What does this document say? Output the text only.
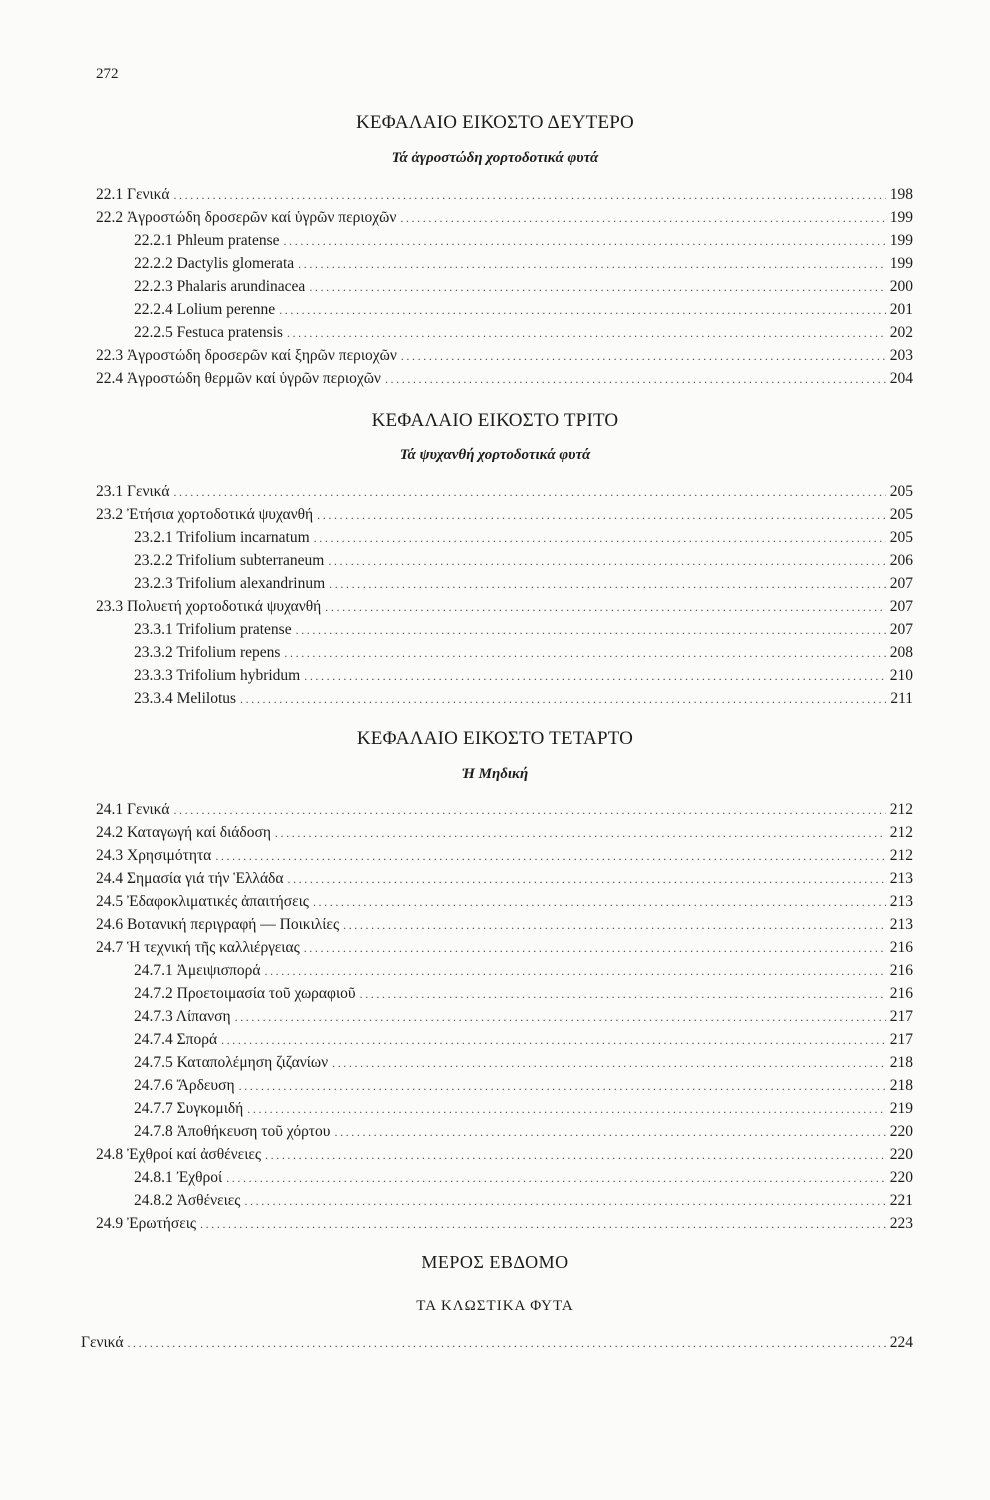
272
ΚΕΦΑΛΑΙΟ ΕΙΚΟΣΤΟ ΔΕΥΤΕΡΟ
Τά ἀγροστώδη χορτοδοτικά φυτά
22.1 Γενικά .....	198
22.2 Ἀγροστώδη δροσερῶν καί ὑγρῶν περιοχῶν .....	199
22.2.1 Phleum pratense .....	199
22.2.2 Dactylis glomerata .....	199
22.2.3 Phalaris arundinacea .....	200
22.2.4 Lolium perenne .....	201
22.2.5 Festuca pratensis .....	202
22.3 Ἀγροστώδη δροσερῶν καί ξηρῶν περιοχῶν .....	203
22.4 Ἀγροστώδη θερμῶν καί ὑγρῶν περιοχῶν .....	204
ΚΕΦΑΛΑΙΟ ΕΙΚΟΣΤΟ ΤΡΙΤΟ
Τά ψυχανθή χορτοδοτικά φυτά
23.1 Γενικά .....	205
23.2 Ἐτήσια χορτοδοτικά ψυχανθή .....	205
23.2.1 Trifolium incarnatum .....	205
23.2.2 Trifolium subterraneum .....	206
23.2.3 Trifolium alexandrinum .....	207
23.3 Πολυετή χορτοδοτικά ψυχανθή .....	207
23.3.1 Trifolium pratense .....	207
23.3.2 Trifolium repens .....	208
23.3.3 Trifolium hybridum .....	210
23.3.4 Melilotus .....	211
ΚΕΦΑΛΑΙΟ ΕΙΚΟΣΤΟ ΤΕΤΑΡΤΟ
Ἡ Μηδική
24.1 Γενικά .....	212
24.2 Καταγωγή καί διάδοση .....	212
24.3 Χρησιμότητα .....	212
24.4 Σημασία γιά τήν Ἑλλάδα .....	213
24.5 Ἐδαφοκλιματικές ἀπαιτήσεις .....	213
24.6 Βοτανική περιγραφή — Ποικιλίες .....	213
24.7 Ἡ τεχνική τῆς καλλιέργειας .....	216
24.7.1 Ἀμειψισπορά .....	216
24.7.2 Προετοιμασία τοῦ χωραφιοῦ .....	216
24.7.3 Λίπανση .....	217
24.7.4 Σπορά .....	217
24.7.5 Καταπολέμηση ζιζανίων .....	218
24.7.6 Ἄρδευση .....	218
24.7.7 Συγκομιδή .....	219
24.7.8 Ἀποθήκευση τοῦ χόρτου .....	220
24.8 Ἐχθροί καί ἀσθένειες .....	220
24.8.1 Ἐχθροί .....	220
24.8.2 Ἀσθένειες .....	221
24.9 Ἐρωτήσεις .....	223
ΜΕΡΟΣ ΕΒΔΟΜΟ
ΤΑ ΚΛΩΣΤΙΚΑ ΦΥΤΑ
Γενικά .....	224
